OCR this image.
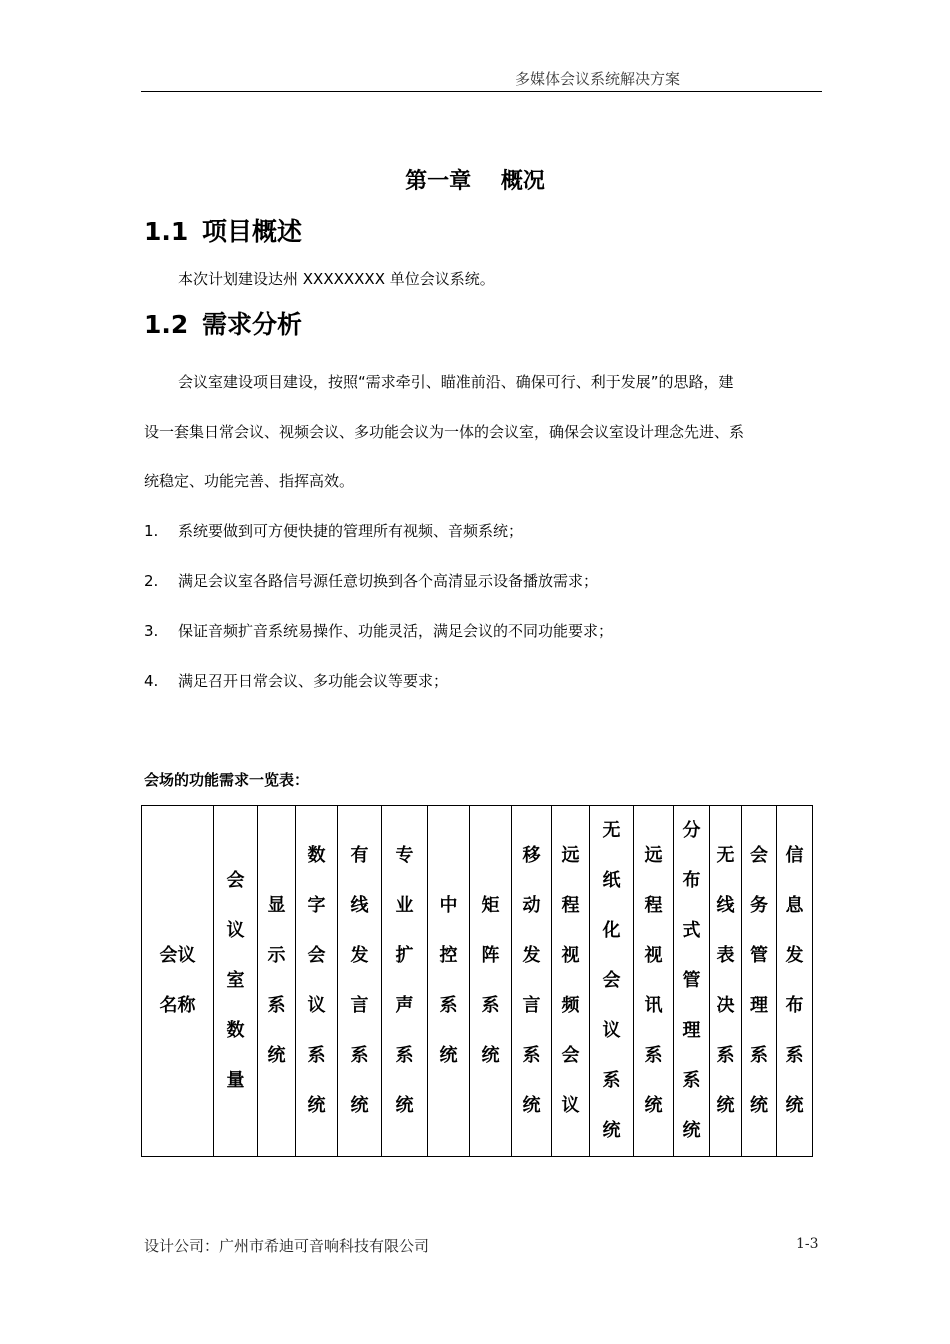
多媒体会议系统解决方案
第一章　 概况
1.1 项目概述
本次计划建设达州 XXXXXXXX 单位会议系统。
1.2 需求分析
会议室建设项目建设，按照“需求牵引、瞄准前沿、确保可行、利于发展”的思路，建
设一套集日常会议、视频会议、多功能会议为一体的会议室，确保会议室设计理念先进、系
统稳定、功能完善、指挥高效。
1. 系统要做到可方便快捷的管理所有视频、音频系统；
2. 满足会议室各路信号源任意切换到各个高清显示设备播放需求；
3. 保证音频扩音系统易操作、功能灵活，满足会议的不同功能要求；
4. 满足召开日常会议、多功能会议等要求；
会场的功能需求一览表：
会议名称	会议室数量	显示系统	数字会议系统	有线发言系统	专业扩声系统	中控系统	矩阵系统	移动发言系统	远程视频会议	无纸化会议系统	远程视讯系统	分布式管理系统	无线表决系统	会务管理系统	信息发布系统
设计公司：广州市希迪可音响科技有限公司	1-3
